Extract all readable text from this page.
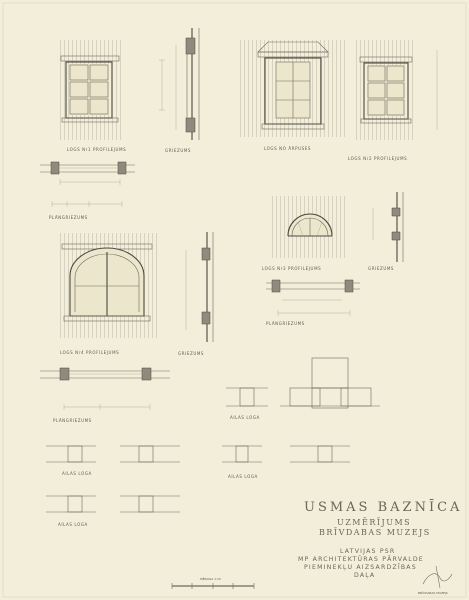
LOGS Nr1 PROFILEJUMS
PLĀNGRIEZUMS
GRIEZUMS	LOGS NO ĀRPUSES
LOGS Nr2 PROFILEJUMS
LOGS Nr3 PROFILEJUMS	GRIEZUMS
PLĀNGRIEZUMS
LOGS Nr4 PROFILEJUMS	GRIEZUMS
PLĀNGRIEZUMS
AILAS LOGA
AILAS LOGA
AILAS LOGA
AILAS LOGA
USMAS BAZNĪCA
UZMĒRĪJUMS
BRĪVDABAS MUZEJS
LATVIJAS PSR
MP ARCHITEKTŪRAS PĀRVALDE
PIEMINEKĻU AIZSARDZĪBAS
DAĻA
MĒROGS 1:10
BRĪVDABAS MUZEJS
